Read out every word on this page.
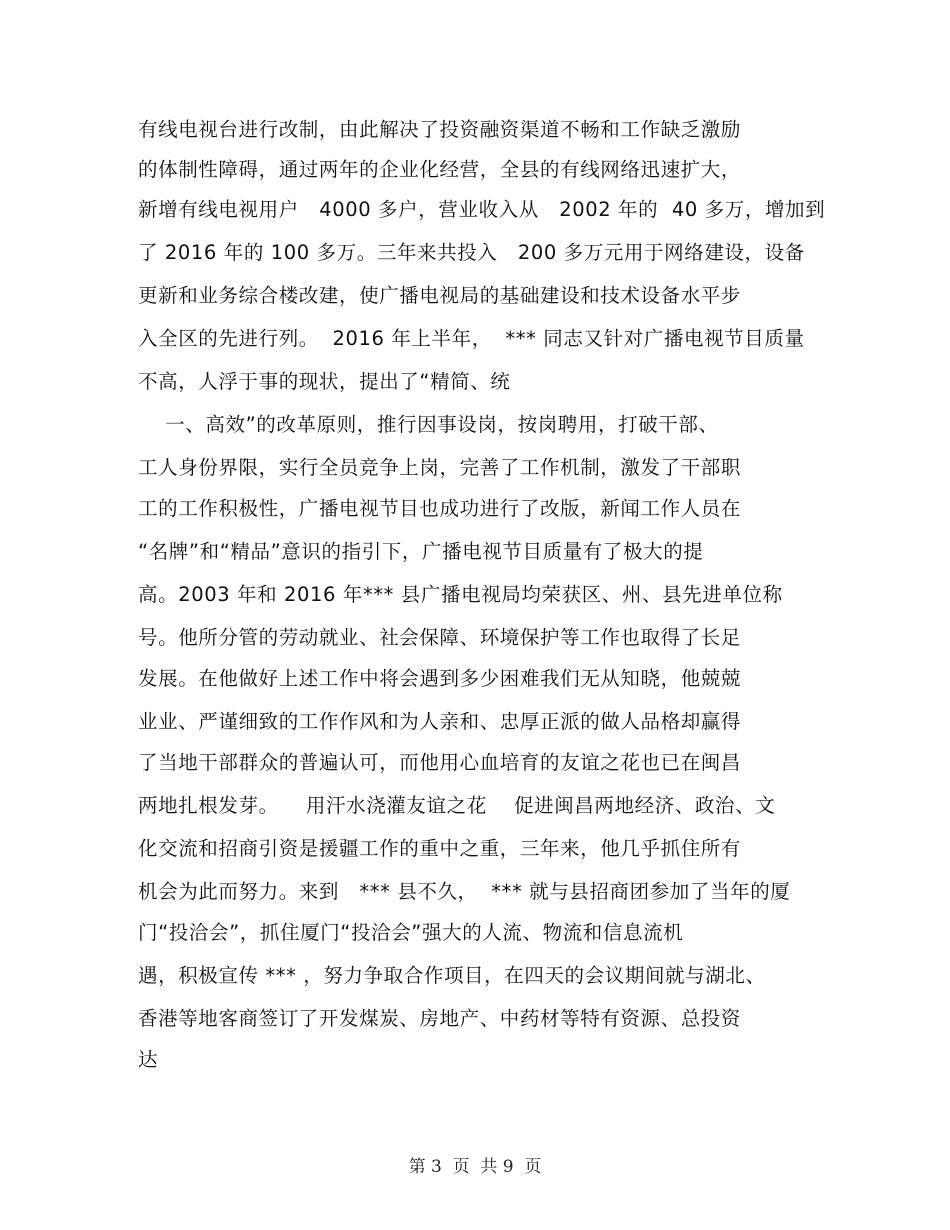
有线电视台进行改制，由此解决了投资融资渠道不畅和工作缺乏激励
的体制性障碍，通过两年的企业化经营，全县的有线网络迅速扩大，
新增有线电视用户   4000 多户，营业收入从   2002 年的  40 多万，增加到
了 2016 年的 100 多万。三年来共投入   200 多万元用于网络建设，设备
更新和业务综合楼改建，使广播电视局的基础建设和技术设备水平步
入全区的先进行列。  2016 年上半年，  *** 同志又针对广播电视节目质量
不高，人浮于事的现状，提出了“精简、统
一、高效”的改革原则，推行因事设岗，按岗聘用，打破干部、
工人身份界限，实行全员竞争上岗，完善了工作机制，激发了干部职
工的工作积极性，广播电视节目也成功进行了改版，新闻工作人员在
“名牌”和“精品”意识的指引下，广播电视节目质量有了极大的提
高。2003 年和 2016 年*** 县广播电视局均荣获区、州、县先进单位称
号。他所分管的劳动就业、社会保障、环境保护等工作也取得了长足
发展。在他做好上述工作中将会遇到多少困难我们无从知晓，他兢兢
业业、严谨细致的工作作风和为人亲和、忠厚正派的做人品格却赢得
了当地干部群众的普遍认可，而他用心血培育的友谊之花也已在闽昌
两地扎根发芽。    用汗水浇灌友谊之花    促进闽昌两地经济、政治、文
化交流和招商引资是援疆工作的重中之重，三年来，他几乎抓住所有
机会为此而努力。来到   *** 县不久，  *** 就与县招商团参加了当年的厦
门“投洽会”，抓住厦门“投洽会”强大的人流、物流和信息流机
遇，积极宣传 *** ，努力争取合作项目，在四天的会议期间就与湖北、
香港等地客商签订了开发煤炭、房地产、中药材等特有资源、总投资
达
第 3  页  共 9  页
